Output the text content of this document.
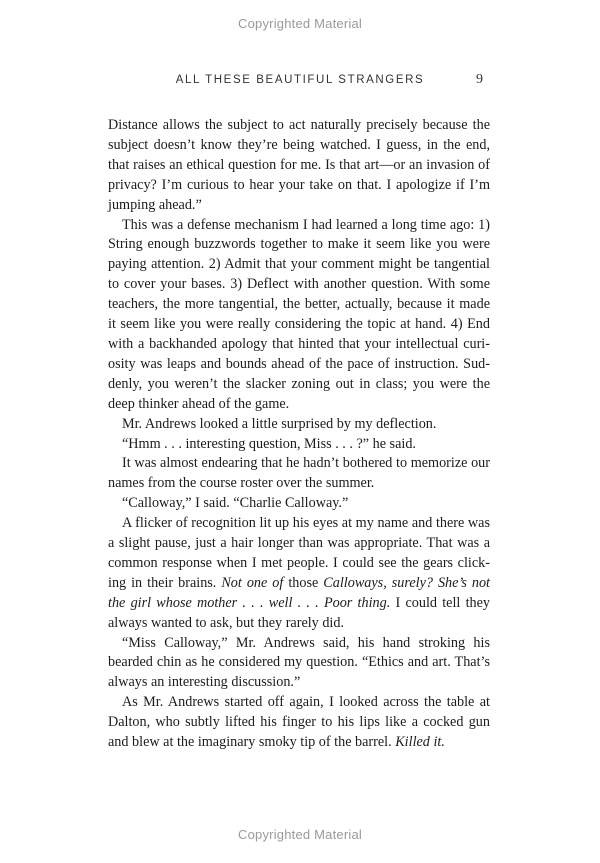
Copyrighted Material
ALL THESE BEAUTIFUL STRANGERS	9

Distance allows the subject to act naturally precisely because the subject doesn’t know they’re being watched. I guess, in the end, that raises an ethical question for me. Is that art—or an invasion of privacy? I’m curious to hear your take on that. I apologize if I’m jumping ahead.”

This was a defense mechanism I had learned a long time ago: 1) String enough buzzwords together to make it seem like you were paying attention. 2) Admit that your comment might be tangential to cover your bases. 3) Deflect with another question. With some teachers, the more tangential, the better, actually, because it made it seem like you were really considering the topic at hand. 4) End with a backhanded apology that hinted that your intellectual curiosity was leaps and bounds ahead of the pace of instruction. Suddenly, you weren’t the slacker zoning out in class; you were the deep thinker ahead of the game.

Mr. Andrews looked a little surprised by my deflection.

“Hmm . . . interesting question, Miss . . . ?” he said.

It was almost endearing that he hadn’t bothered to memorize our names from the course roster over the summer.

“Calloway,” I said. “Charlie Calloway.”

A flicker of recognition lit up his eyes at my name and there was a slight pause, just a hair longer than was appropriate. That was a common response when I met people. I could see the gears clicking in their brains. Not one of those Calloways, surely? She’s not the girl whose mother . . . well . . . Poor thing. I could tell they always wanted to ask, but they rarely did.

“Miss Calloway,” Mr. Andrews said, his hand stroking his bearded chin as he considered my question. “Ethics and art. That’s always an interesting discussion.”

As Mr. Andrews started off again, I looked across the table at Dalton, who subtly lifted his finger to his lips like a cocked gun and blew at the imaginary smoky tip of the barrel. Killed it.

Copyrighted Material
